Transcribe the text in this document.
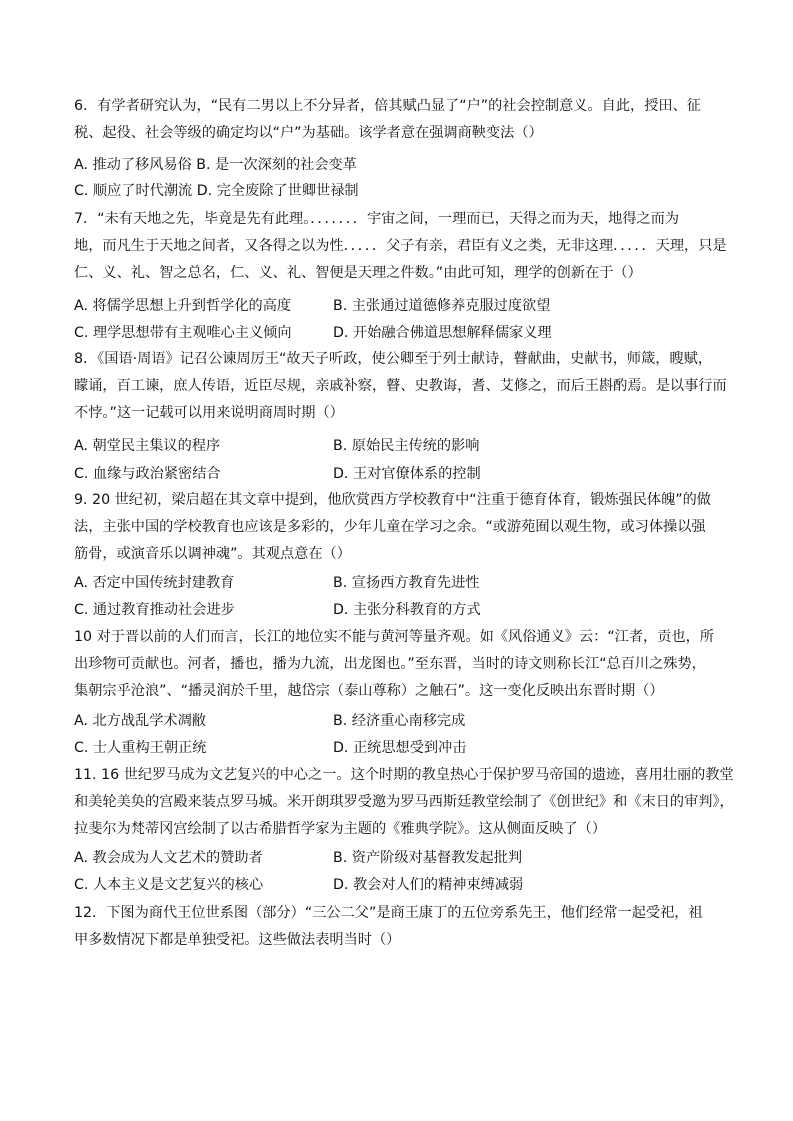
6．有学者研究认为，“民有二男以上不分异者，倍其赋凸显了“户”的社会控制意义。自此，授田、征
税、起役、社会等级的确定均以“户”为基础。该学者意在强调商鞅变法（）
A. 推动了移风易俗 B. 是一次深刻的社会变革
C. 顺应了时代潮流 D. 完全废除了世卿世禄制
7．“未有天地之先，毕竟是先有此理。．．．．．．．宇宙之间，一理而已，天得之而为天，地得之而为
地，而凡生于天地之间者，又各得之以为性．．．．．父子有亲，君臣有义之类，无非这理．．．．．天理，只是
仁、义、礼、智之总名，仁、义、礼、智便是天理之件数。”由此可知，理学的创新在于（）
A. 将儒学思想上升到哲学化的高度	B. 主张通过道德修养克服过度欲望
C. 理学思想带有主观唯心主义倾向	D. 开始融合佛道思想解释儒家义理
8．《国语·周语》记召公谏周厉王“故天子听政，使公卿至于列士献诗，瞽献曲，史献书，师箴，瞍赋，
矇诵，百工谏，庶人传语，近臣尽规，亲戚补察，瞽、史教诲，耆、艾修之，而后王斟酌焉。是以事行而
不悖。”这一记载可以用来说明商周时期（）
A. 朝堂民主集议的程序	B. 原始民主传统的影响
C. 血缘与政治紧密结合	D. 王对官僚体系的控制
9. 20 世纪初，梁启超在其文章中提到，他欣赏西方学校教育中“注重于德育体育，锻炼强民体魄”的做
法，主张中国的学校教育也应该是多彩的，少年儿童在学习之余。“或游苑囿以观生物，或习体操以强
筋骨，或演音乐以调神魂”。其观点意在（）
A. 否定中国传统封建教育	B. 宣扬西方教育先进性
C. 通过教育推动社会进步	D. 主张分科教育的方式
10 对于晋以前的人们而言，长江的地位实不能与黄河等量齐观。如《风俗通义》云：“江者，贡也，所
出珍物可贡献也。河者，播也，播为九流，出龙图也。”至东晋，当时的诗文则称长江“总百川之殊势，
集朝宗乎沧浪”、“播灵润於千里，越岱宗（泰山尊称）之触石”。这一变化反映出东晋时期（）
A. 北方战乱学术凋敝	B. 经济重心南移完成
C. 士人重构王朝正统	D. 正统思想受到冲击
11. 16 世纪罗马成为文艺复兴的中心之一。这个时期的教皇热心于保护罗马帝国的遗迹，喜用壮丽的教堂
和美轮美奂的宫殿来装点罗马城。米开朗琪罗受邀为罗马西斯廷教堂绘制了《创世纪》和《末日的审判》，
拉斐尔为梵蒂冈宫绘制了以古希腊哲学家为主题的《雅典学院》。这从侧面反映了（）
A. 教会成为人文艺术的赞助者	B. 资产阶级对基督教发起批判
C. 人本主义是文艺复兴的核心	D. 教会对人们的精神束缚减弱
12．下图为商代王位世系图（部分）“三公二父”是商王康丁的五位旁系先王，他们经常一起受祀，祖
甲多数情况下都是单独受祀。这些做法表明当时（）
